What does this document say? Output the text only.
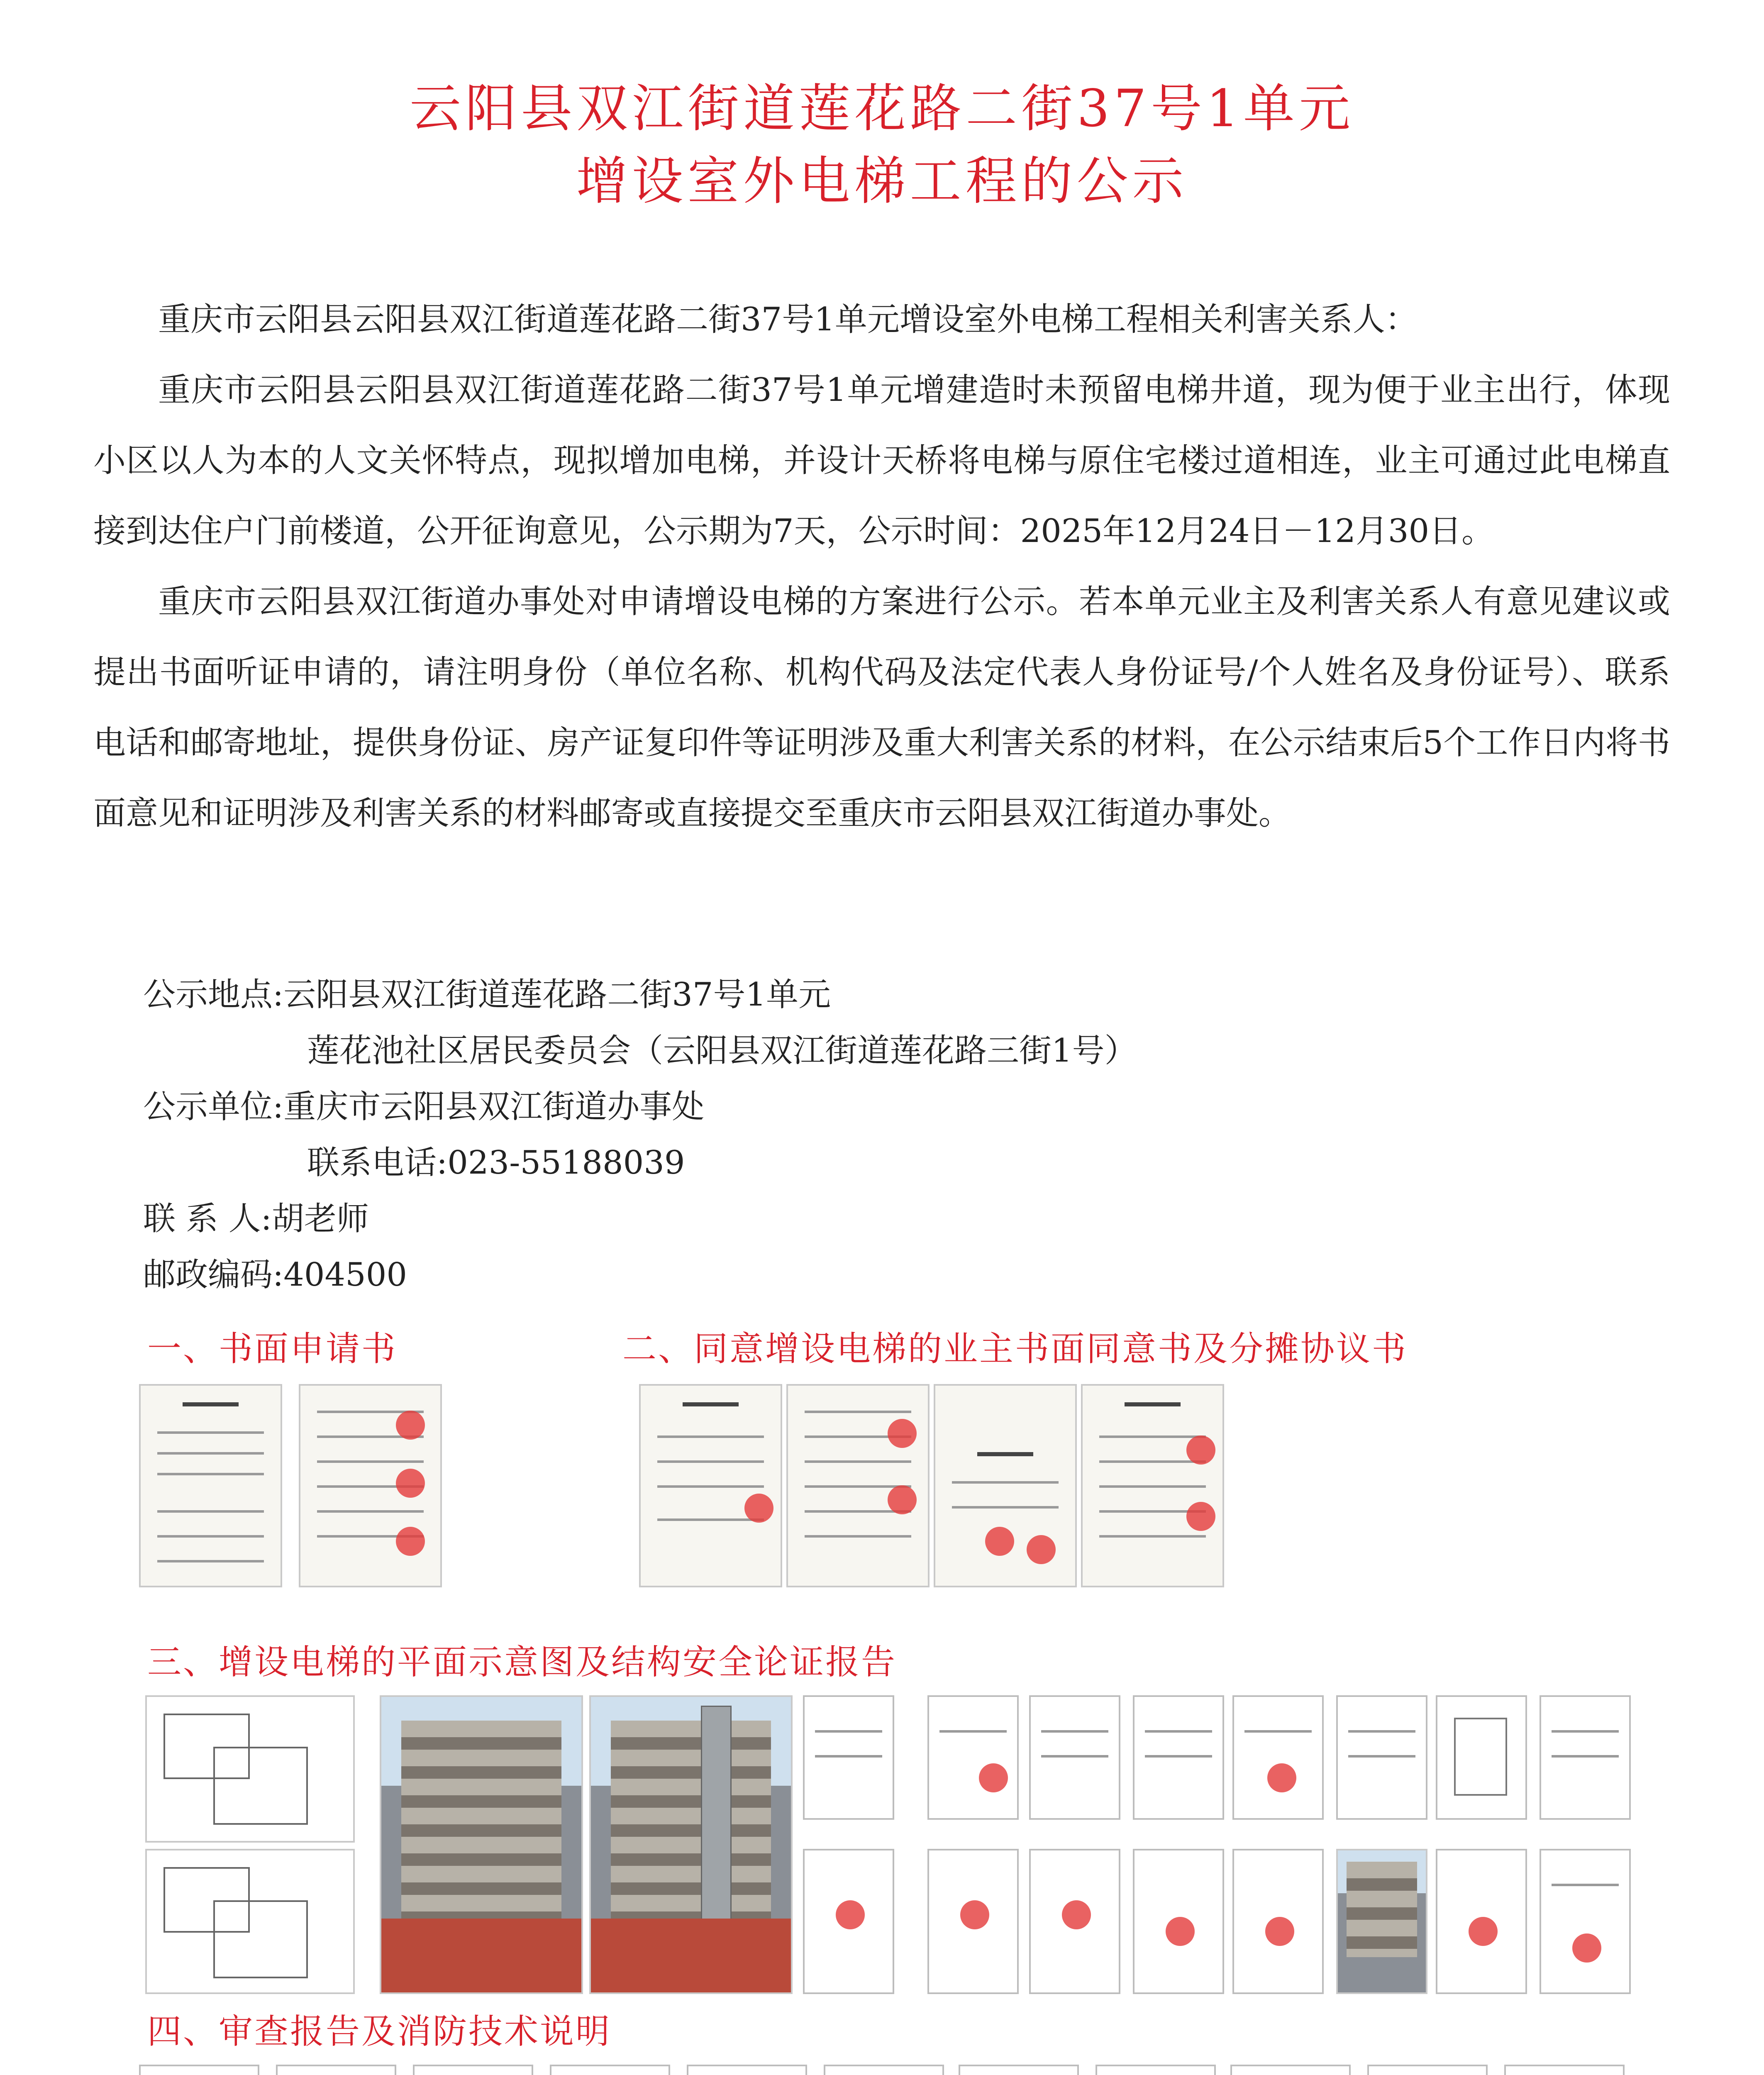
云阳县双江街道莲花路二街37号1单元
增设室外电梯工程的公示

重庆市云阳县云阳县双江街道莲花路二街37号1单元增设室外电梯工程相关利害关系人：

重庆市云阳县云阳县双江街道莲花路二街37号1单元增建造时未预留电梯井道，现为便于业主出行，体现小区以人为本的人文关怀特点，现拟增加电梯，并设计天桥将电梯与原住宅楼过道相连，业主可通过此电梯直接到达住户门前楼道，公开征询意见，公示期为7天，公示时间：2025年12月24日－12月30日。

重庆市云阳县双江街道办事处对申请增设电梯的方案进行公示。若本单元业主及利害关系人有意见建议或提出书面听证申请的，请注明身份（单位名称、机构代码及法定代表人身份证号/个人姓名及身份证号）、联系电话和邮寄地址，提供身份证、房产证复印件等证明涉及重大利害关系的材料，在公示结束后5个工作日内将书面意见和证明涉及利害关系的材料邮寄或直接提交至重庆市云阳县双江街道办事处。

公示地点:云阳县双江街道莲花路二街37号1单元
莲花池社区居民委员会（云阳县双江街道莲花路三街1号）
公示单位:重庆市云阳县双江街道办事处
联系电话:023-55188039
联 系 人:胡老师
邮政编码:404500
一、书面申请书	二、同意增设电梯的业主书面同意书及分摊协议书
三、增设电梯的平面示意图及结构安全论证报告
四、审查报告及消防技术说明
